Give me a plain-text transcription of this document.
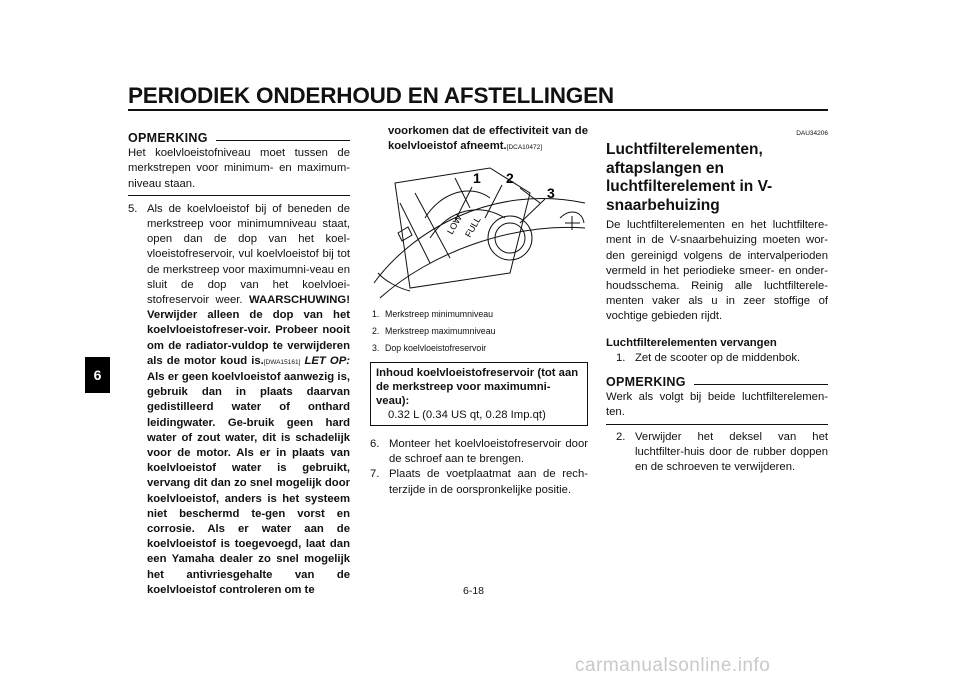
PERIODIEK ONDERHOUD EN AFSTELLINGEN
6
OPMERKING
Het koelvloeistofniveau moet tussen de merkstrepen voor minimum- en maximum-niveau staan.
5. Als de koelvloeistof bij of beneden de merkstreep voor minimumniveau staat, open dan de dop van het koel-vloeistofreservoir, vul koelvloeistof bij tot de merkstreep voor maximumni-veau en sluit de dop van het koelvloei-stofreservoir weer. WAARSCHUWING! Verwijder alleen de dop van het koelvloeistofreser-voir. Probeer nooit om de radiator-vuldop te verwijderen als de motor koud is.[DWA15161] LET OP: Als er geen koelvloeistof aanwezig is, gebruik dan in plaats daarvan gedistilleerd water of onthard leidingwater. Ge-bruik geen hard water of zout water, dit is schadelijk voor de motor. Als er in plaats van koelvloeistof water is gebruikt, vervang dit dan zo snel mogelijk door koelvloeistof, anders is het systeem niet beschermd te-gen vorst en corrosie. Als er water aan de koelvloeistof is toegevoegd, laat dan een Yamaha dealer zo snel mogelijk het antivriesgehalte van de koelvloeistof controleren om te
voorkomen dat de effectiviteit van de koelvloeistof afneemt.[DCA10472]
1 2
3
LOW FULL
1. Merkstreep minimumniveau
2. Merkstreep maximumniveau
3. Dop koelvloeistofreservoir
Inhoud koelvloeistofreservoir (tot aan de merkstreep voor maximumni-veau):
0.32 L (0.34 US qt, 0.28 Imp.qt)
6. Monteer het koelvloeistofreservoir door de schroef aan te brengen.
7. Plaats de voetplaatmat aan de rech-terzijde in de oorspronkelijke positie.
DAU34206
Luchtfilterelementen, aftapslangen en luchtfilterelement in V-snaarbehuizing
De luchtfilterelementen en het luchtfiltere-ment in de V-snaarbehuizing moeten wor-den gereinigd volgens de intervalperioden vermeld in het periodieke smeer- en onder-houdsschema. Reinig alle luchtfilterele-menten vaker als u in zeer stoffige of vochtige gebieden rijdt.
Luchtfilterelementen vervangen
1. Zet de scooter op de middenbok.
OPMERKING
Werk als volgt bij beide luchtfilterelemen-ten.
2. Verwijder het deksel van het luchtfilter-huis door de rubber doppen en de schroeven te verwijderen.
6-18
carmanualsonline.info
